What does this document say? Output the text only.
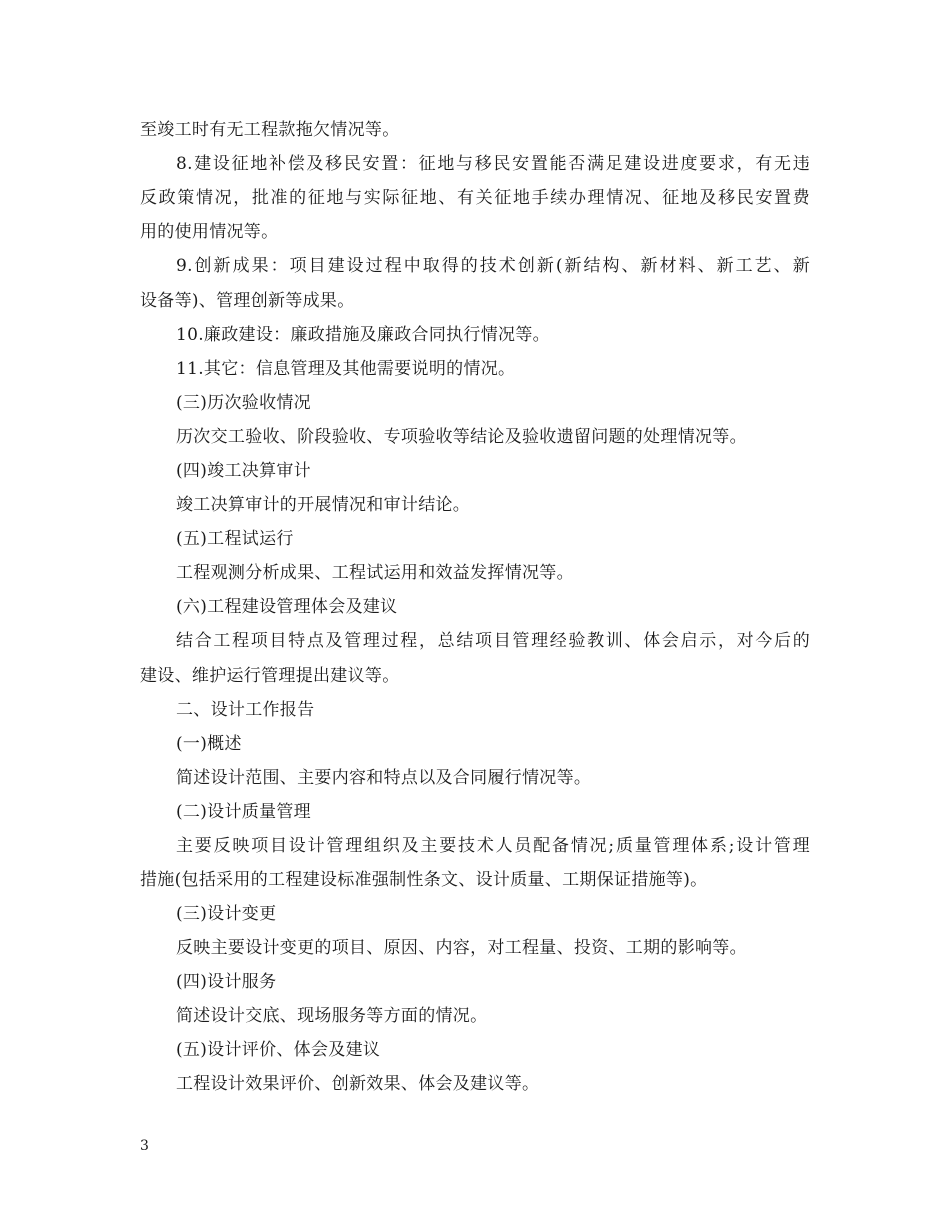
至竣工时有无工程款拖欠情况等。
8.建设征地补偿及移民安置：征地与移民安置能否满足建设进度要求，有无违
反政策情况，批准的征地与实际征地、有关征地手续办理情况、征地及移民安置费
用的使用情况等。
9.创新成果：项目建设过程中取得的技术创新(新结构、新材料、新工艺、新
设备等)、管理创新等成果。
10.廉政建设：廉政措施及廉政合同执行情况等。
11.其它：信息管理及其他需要说明的情况。
(三)历次验收情况
历次交工验收、阶段验收、专项验收等结论及验收遗留问题的处理情况等。
(四)竣工决算审计
竣工决算审计的开展情况和审计结论。
(五)工程试运行
工程观测分析成果、工程试运用和效益发挥情况等。
(六)工程建设管理体会及建议
结合工程项目特点及管理过程，总结项目管理经验教训、体会启示，对今后的
建设、维护运行管理提出建议等。
二、设计工作报告
(一)概述
简述设计范围、主要内容和特点以及合同履行情况等。
(二)设计质量管理
主要反映项目设计管理组织及主要技术人员配备情况;质量管理体系;设计管理
措施(包括采用的工程建设标准强制性条文、设计质量、工期保证措施等)。
(三)设计变更
反映主要设计变更的项目、原因、内容，对工程量、投资、工期的影响等。
(四)设计服务
简述设计交底、现场服务等方面的情况。
(五)设计评价、体会及建议
工程设计效果评价、创新效果、体会及建议等。
3
